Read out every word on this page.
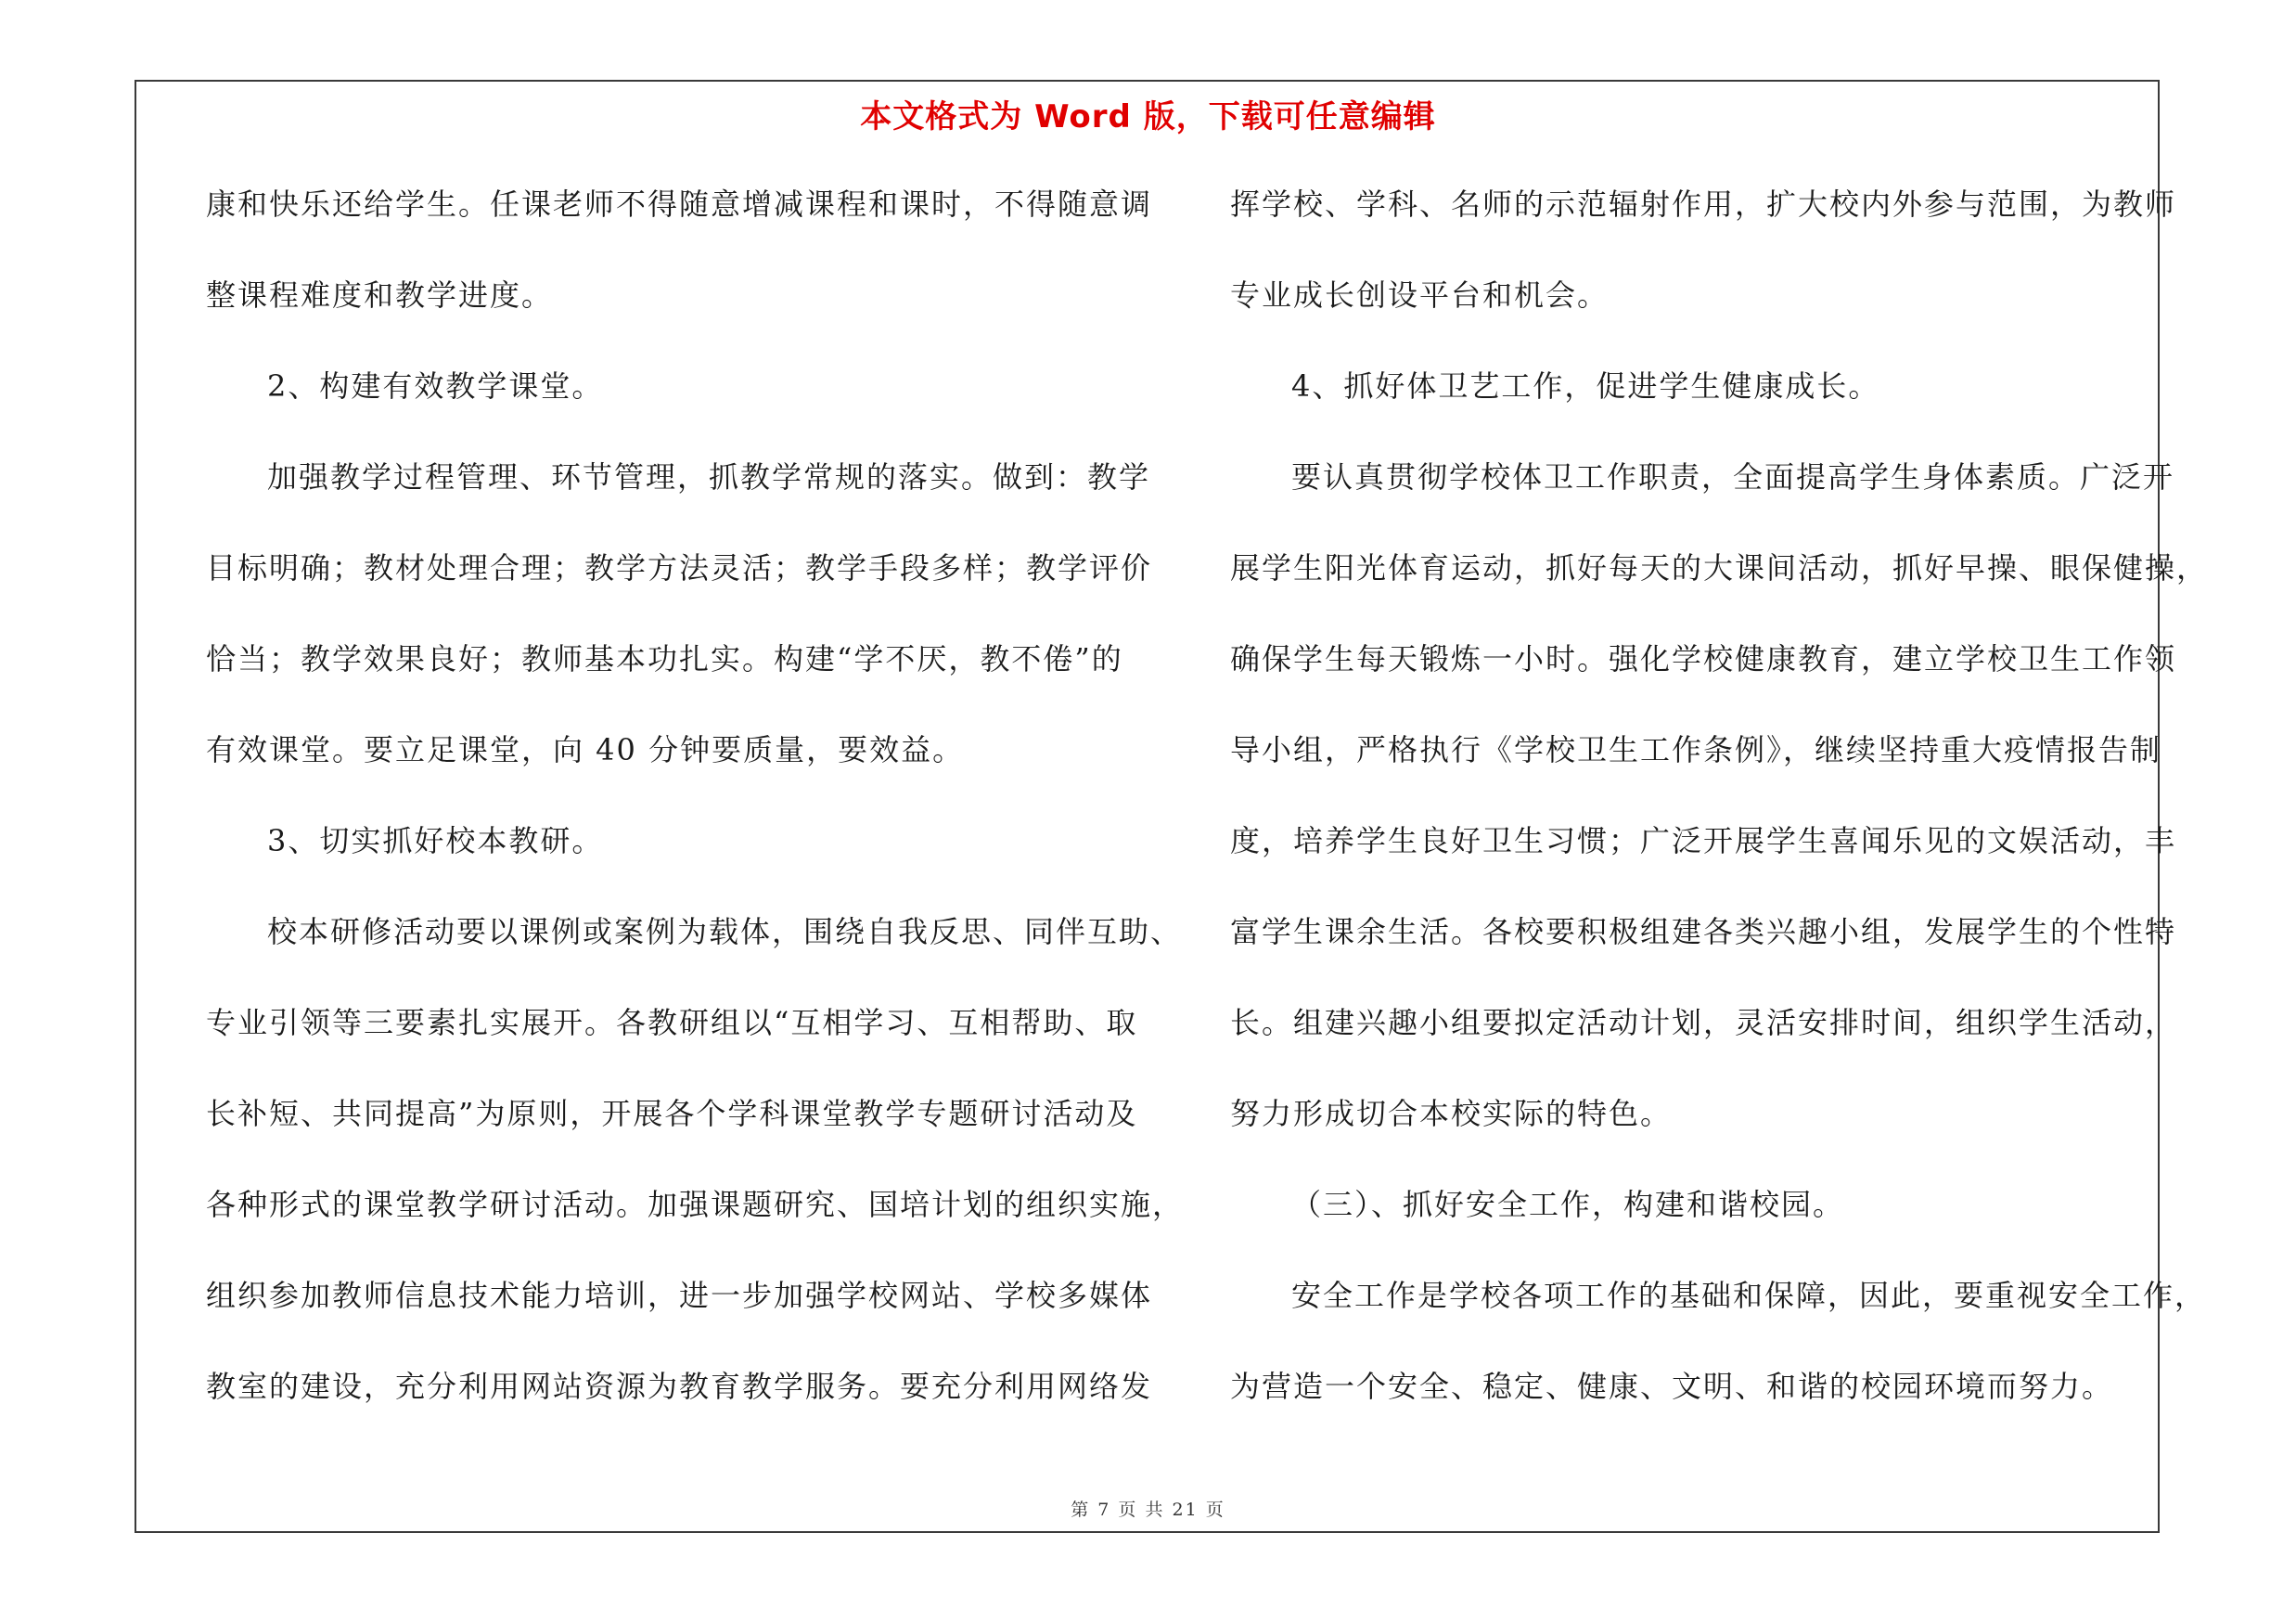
本文格式为 Word 版，下载可任意编辑
康和快乐还给学生。任课老师不得随意增减课程和课时，不得随意调
整课程难度和教学进度。
2、构建有效教学课堂。
加强教学过程管理、环节管理，抓教学常规的落实。做到：教学
目标明确；教材处理合理；教学方法灵活；教学手段多样；教学评价
恰当；教学效果良好；教师基本功扎实。构建“学不厌，教不倦”的
有效课堂。要立足课堂，向 40 分钟要质量，要效益。
3、切实抓好校本教研。
校本研修活动要以课例或案例为载体，围绕自我反思、同伴互助、
专业引领等三要素扎实展开。各教研组以“互相学习、互相帮助、取
长补短、共同提高”为原则，开展各个学科课堂教学专题研讨活动及
各种形式的课堂教学研讨活动。加强课题研究、国培计划的组织实施，
组织参加教师信息技术能力培训，进一步加强学校网站、学校多媒体
教室的建设，充分利用网站资源为教育教学服务。要充分利用网络发
挥学校、学科、名师的示范辐射作用，扩大校内外参与范围，为教师
专业成长创设平台和机会。
4、抓好体卫艺工作，促进学生健康成长。
要认真贯彻学校体卫工作职责，全面提高学生身体素质。广泛开
展学生阳光体育运动，抓好每天的大课间活动，抓好早操、眼保健操，
确保学生每天锻炼一小时。强化学校健康教育，建立学校卫生工作领
导小组，严格执行《学校卫生工作条例》，继续坚持重大疫情报告制
度，培养学生良好卫生习惯；广泛开展学生喜闻乐见的文娱活动，丰
富学生课余生活。各校要积极组建各类兴趣小组，发展学生的个性特
长。组建兴趣小组要拟定活动计划，灵活安排时间，组织学生活动，
努力形成切合本校实际的特色。
（三）、抓好安全工作，构建和谐校园。
安全工作是学校各项工作的基础和保障，因此，要重视安全工作，
为营造一个安全、稳定、健康、文明、和谐的校园环境而努力。
第 7 页 共 21 页
